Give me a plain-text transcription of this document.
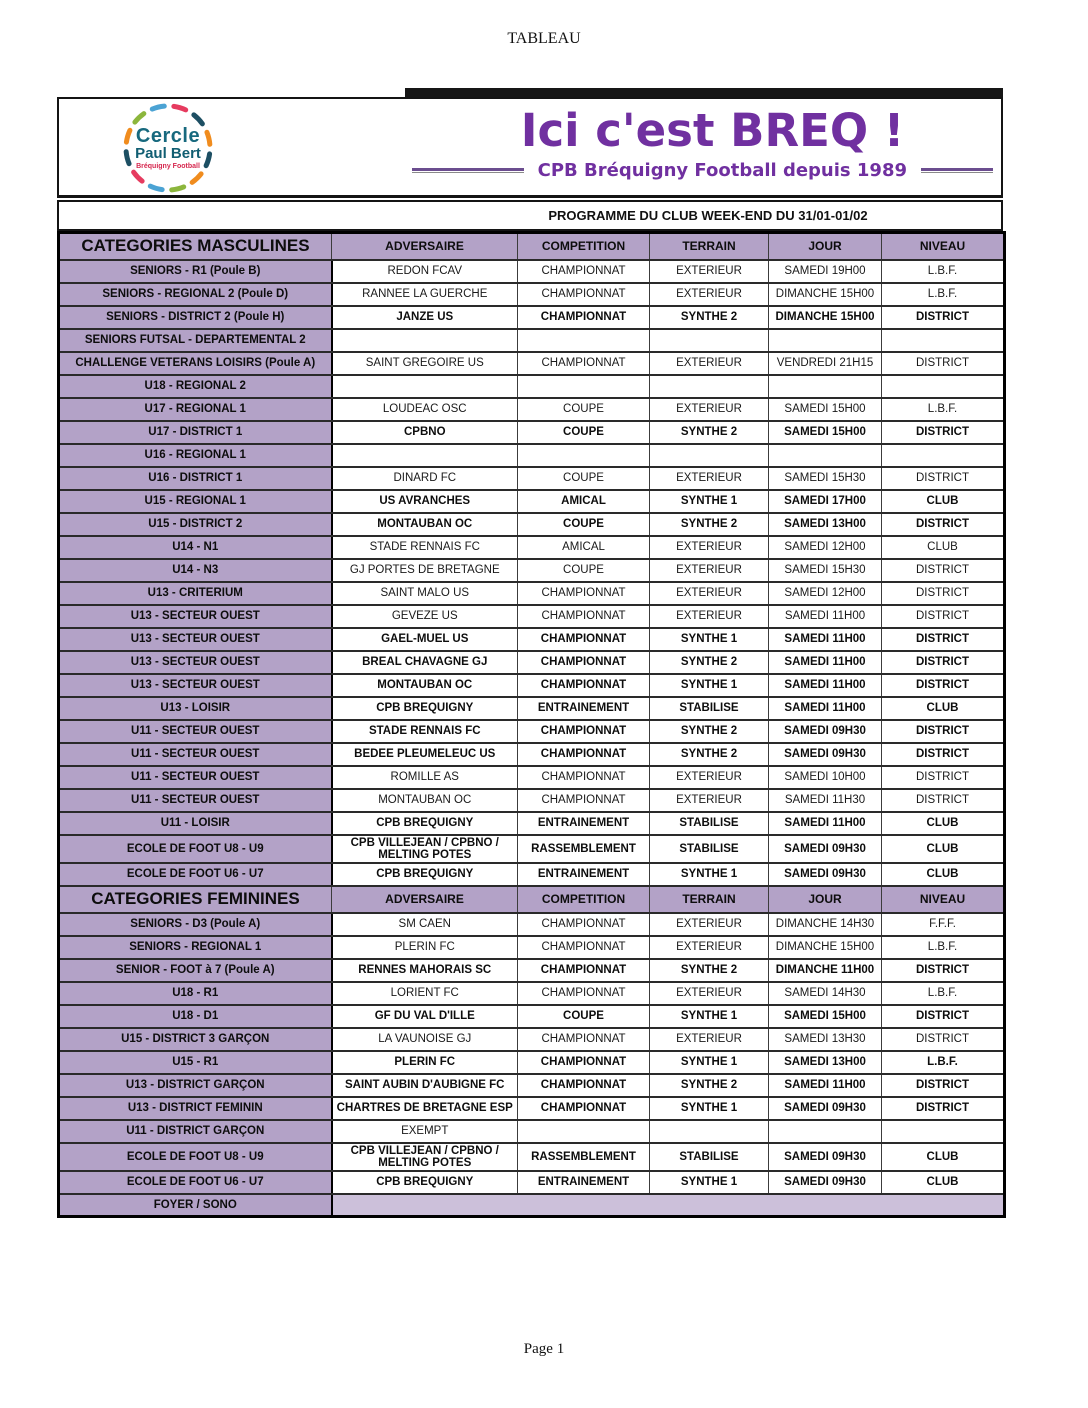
TABLEAU
Cercle
Paul Bert
Bréquigny Football
Ici c'est BREQ !
CPB Bréquigny Football depuis 1989
PROGRAMME DU CLUB WEEK-END DU 31/01-01/02
CATEGORIES MASCULINES	ADVERSAIRE	COMPETITION	TERRAIN	JOUR	NIVEAU
SENIORS - R1 (Poule B)	REDON FCAV	CHAMPIONNAT	EXTERIEUR	SAMEDI 19H00	L.B.F.
SENIORS - REGIONAL 2 (Poule D)	RANNEE LA GUERCHE	CHAMPIONNAT	EXTERIEUR	DIMANCHE 15H00	L.B.F.
SENIORS - DISTRICT 2 (Poule H)	JANZE US	CHAMPIONNAT	SYNTHE 2	DIMANCHE 15H00	DISTRICT
SENIORS FUTSAL - DEPARTEMENTAL 2					
CHALLENGE VETERANS LOISIRS (Poule A)	SAINT GREGOIRE US	CHAMPIONNAT	EXTERIEUR	VENDREDI 21H15	DISTRICT
U18 - REGIONAL 2					
U17 - REGIONAL 1	LOUDEAC OSC	COUPE	EXTERIEUR	SAMEDI 15H00	L.B.F.
U17 - DISTRICT 1	CPBNO	COUPE	SYNTHE 2	SAMEDI 15H00	DISTRICT
U16 - REGIONAL 1					
U16 - DISTRICT 1	DINARD FC	COUPE	EXTERIEUR	SAMEDI 15H30	DISTRICT
U15 - REGIONAL 1	US AVRANCHES	AMICAL	SYNTHE 1	SAMEDI 17H00	CLUB
U15 - DISTRICT 2	MONTAUBAN OC	COUPE	SYNTHE 2	SAMEDI 13H00	DISTRICT
U14 - N1	STADE RENNAIS FC	AMICAL	EXTERIEUR	SAMEDI 12H00	CLUB
U14 - N3	GJ PORTES DE BRETAGNE	COUPE	EXTERIEUR	SAMEDI 15H30	DISTRICT
U13 - CRITERIUM	SAINT MALO US	CHAMPIONNAT	EXTERIEUR	SAMEDI 12H00	DISTRICT
U13 - SECTEUR OUEST	GEVEZE US	CHAMPIONNAT	EXTERIEUR	SAMEDI 11H00	DISTRICT
U13 - SECTEUR OUEST	GAEL-MUEL US	CHAMPIONNAT	SYNTHE 1	SAMEDI 11H00	DISTRICT
U13 - SECTEUR OUEST	BREAL CHAVAGNE GJ	CHAMPIONNAT	SYNTHE 2	SAMEDI 11H00	DISTRICT
U13 - SECTEUR OUEST	MONTAUBAN OC	CHAMPIONNAT	SYNTHE 1	SAMEDI 11H00	DISTRICT
U13 - LOISIR	CPB BREQUIGNY	ENTRAINEMENT	STABILISE	SAMEDI 11H00	CLUB
U11 - SECTEUR OUEST	STADE RENNAIS FC	CHAMPIONNAT	SYNTHE 2	SAMEDI 09H30	DISTRICT
U11 - SECTEUR OUEST	BEDEE PLEUMELEUC US	CHAMPIONNAT	SYNTHE 2	SAMEDI 09H30	DISTRICT
U11 - SECTEUR OUEST	ROMILLE AS	CHAMPIONNAT	EXTERIEUR	SAMEDI 10H00	DISTRICT
U11 - SECTEUR OUEST	MONTAUBAN OC	CHAMPIONNAT	EXTERIEUR	SAMEDI 11H30	DISTRICT
U11 - LOISIR	CPB BREQUIGNY	ENTRAINEMENT	STABILISE	SAMEDI 11H00	CLUB
ECOLE DE FOOT U8 - U9	CPB VILLEJEAN / CPBNO / MELTING POTES	RASSEMBLEMENT	STABILISE	SAMEDI 09H30	CLUB
ECOLE DE FOOT U6 - U7	CPB BREQUIGNY	ENTRAINEMENT	SYNTHE 1	SAMEDI 09H30	CLUB
CATEGORIES FEMININES	ADVERSAIRE	COMPETITION	TERRAIN	JOUR	NIVEAU
SENIORS - D3 (Poule A)	SM CAEN	CHAMPIONNAT	EXTERIEUR	DIMANCHE 14H30	F.F.F.
SENIORS - REGIONAL 1	PLERIN FC	CHAMPIONNAT	EXTERIEUR	DIMANCHE 15H00	L.B.F.
SENIOR - FOOT à 7 (Poule A)	RENNES MAHORAIS SC	CHAMPIONNAT	SYNTHE 2	DIMANCHE 11H00	DISTRICT
U18 - R1	LORIENT FC	CHAMPIONNAT	EXTERIEUR	SAMEDI 14H30	L.B.F.
U18 - D1	GF DU VAL D'ILLE	COUPE	SYNTHE 1	SAMEDI 15H00	DISTRICT
U15 - DISTRICT 3 GARÇON	LA VAUNOISE GJ	CHAMPIONNAT	EXTERIEUR	SAMEDI 13H30	DISTRICT
U15 - R1	PLERIN FC	CHAMPIONNAT	SYNTHE 1	SAMEDI 13H00	L.B.F.
U13 - DISTRICT GARÇON	SAINT AUBIN D'AUBIGNE FC	CHAMPIONNAT	SYNTHE 2	SAMEDI 11H00	DISTRICT
U13 - DISTRICT FEMININ	CHARTRES DE BRETAGNE ESP	CHAMPIONNAT	SYNTHE 1	SAMEDI 09H30	DISTRICT
U11 - DISTRICT GARÇON	EXEMPT				
ECOLE DE FOOT U8 - U9	CPB VILLEJEAN / CPBNO / MELTING POTES	RASSEMBLEMENT	STABILISE	SAMEDI 09H30	CLUB
ECOLE DE FOOT U6 - U7	CPB BREQUIGNY	ENTRAINEMENT	SYNTHE 1	SAMEDI 09H30	CLUB
FOYER / SONO					
Page 1
